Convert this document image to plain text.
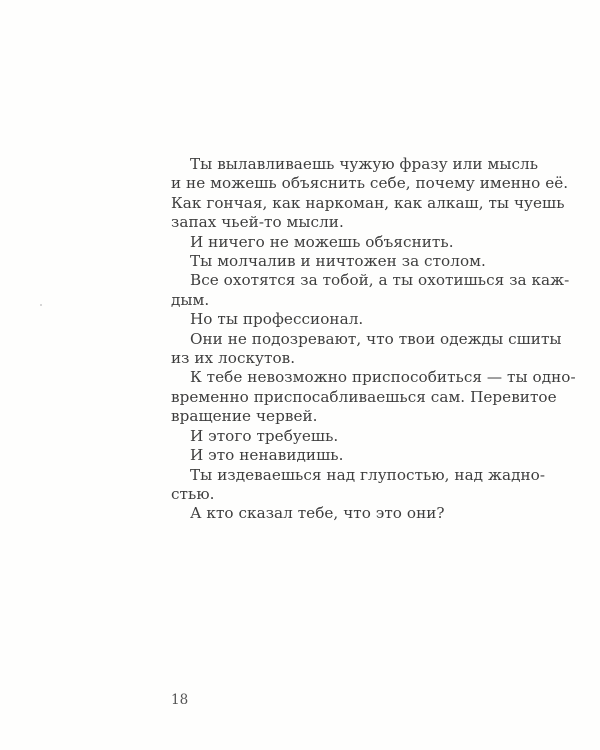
Ты вылавливаешь чужую фразу или мысль
и не можешь объяснить себе, почему именно её.
Как гончая, как наркоман, как алкаш, ты чуешь
запах чьей-то мысли.
И ничего не можешь объяснить.
Ты молчалив и ничтожен за столом.
Все охотятся за тобой, а ты охотишься за каж-
дым.
Но ты профессионал.
Они не подозревают, что твои одежды сшиты
из их лоскутов.
К тебе невозможно приспособиться — ты одно-
временно приспосабливаешься сам. Перевитое
вращение червей.
И этого требуешь.
И это ненавидишь.
Ты издеваешься над глупостью, над жадно-
стью.
А кто сказал тебе, что это они?
18
